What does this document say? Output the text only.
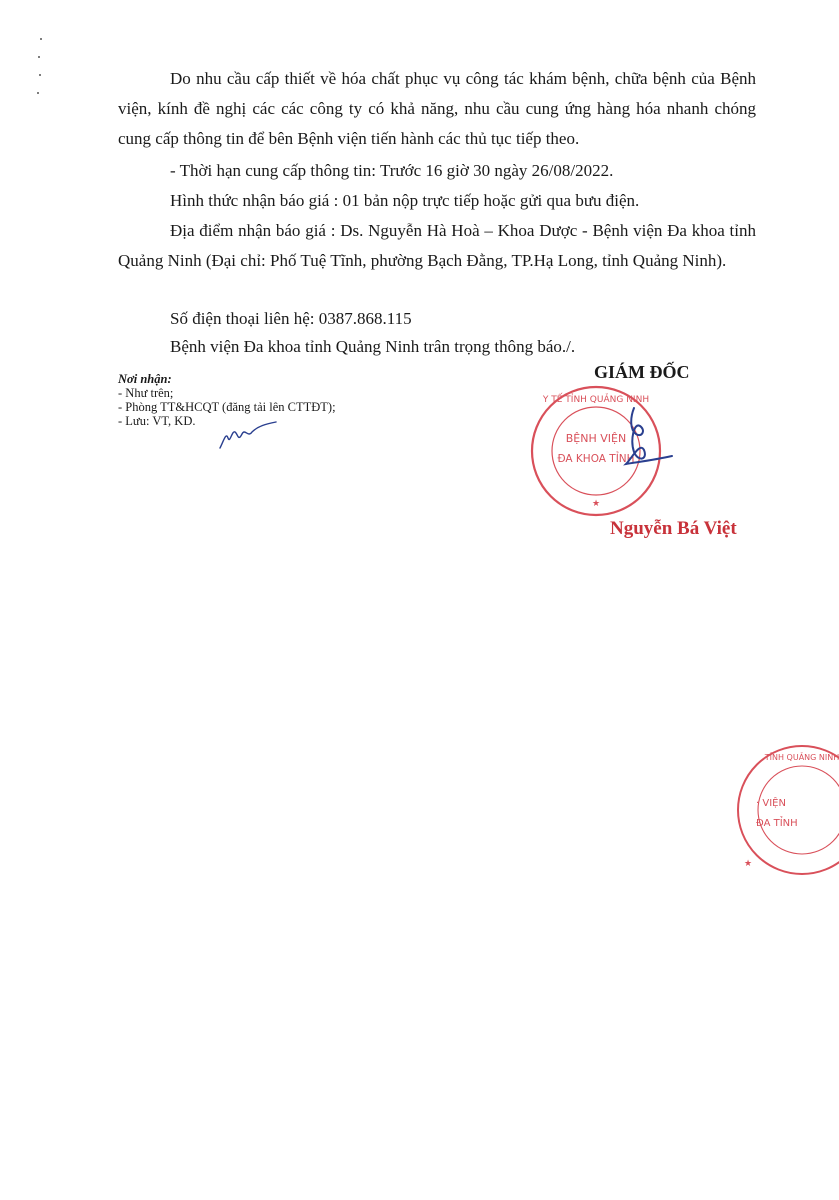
Do nhu cầu cấp thiết về hóa chất phục vụ công tác khám bệnh, chữa bệnh của Bệnh viện, kính đề nghị các các công ty có khả năng, nhu cầu cung ứng hàng hóa nhanh chóng cung cấp thông tin để bên Bệnh viện tiến hành các thủ tục tiếp theo.

- Thời hạn cung cấp thông tin: Trước 16 giờ 30 ngày 26/08/2022.

Hình thức nhận báo giá : 01 bản nộp trực tiếp hoặc gửi qua bưu điện.

Địa điểm nhận báo giá : Ds. Nguyễn Hà Hoà – Khoa Dược - Bệnh viện Đa khoa tỉnh Quảng Ninh (Đại chỉ: Phố Tuệ Tĩnh, phường Bạch Đằng, TP.Hạ Long, tỉnh Quảng Ninh).

Số điện thoại liên hệ: 0387.868.115

Bệnh viện Đa khoa tỉnh Quảng Ninh trân trọng thông báo./.

Nơi nhận:
- Như trên;
- Phòng TT&HCQT (đăng tải lên CTTĐT);
- Lưu: VT, KD.
GIÁM ĐỐC
Y TẾ TỈNH QUẢNG NINH
BỆNH VIỆN
ĐA KHOA TỈNH
★
Nguyễn Bá Việt
TỈNH QUẢNG NINH
· VIỆN
ĐA TỈNH
★
